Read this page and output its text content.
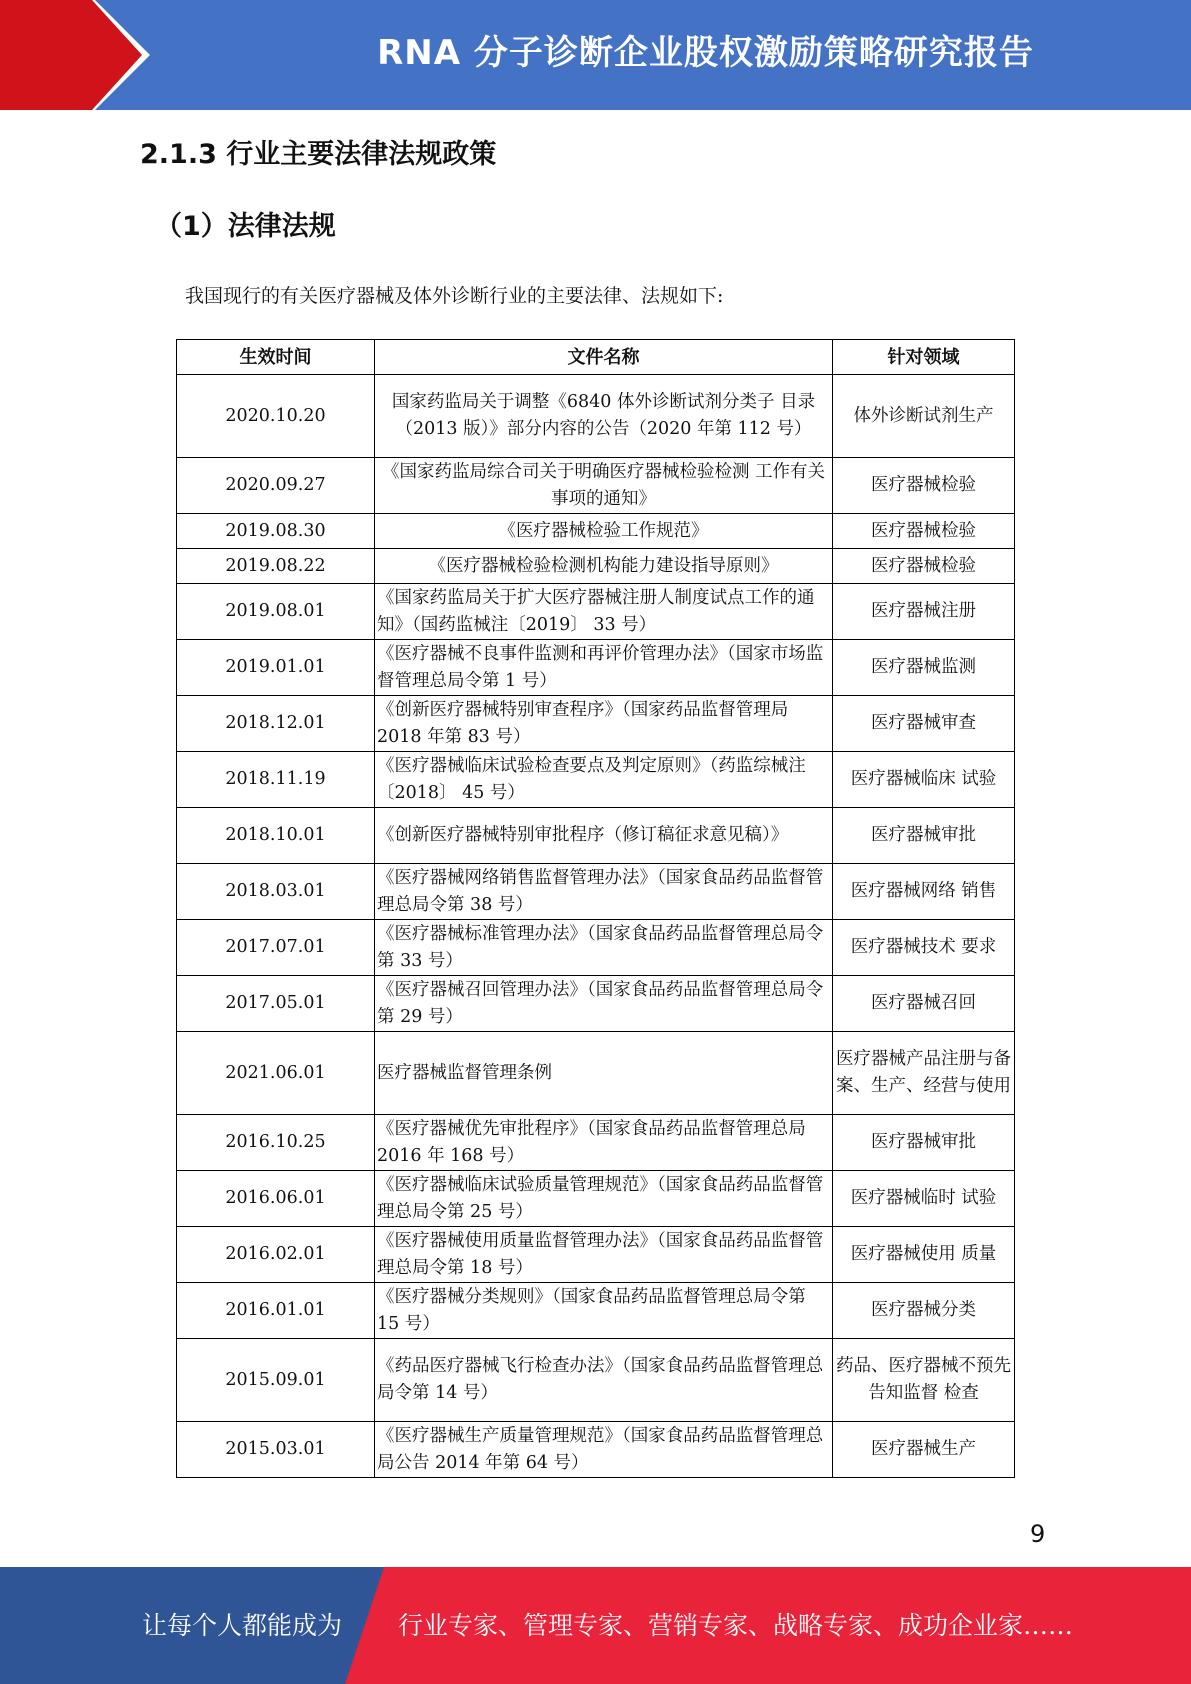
RNA 分子诊断企业股权激励策略研究报告
2.1.3 行业主要法律法规政策
（1）法律法规
我国现行的有关医疗器械及体外诊断行业的主要法律、法规如下:
生效时间	文件名称	针对领域
2020.10.20	国家药监局关于调整《6840 体外诊断试剂分类子 目录（2013 版）》部分内容的公告（2020 年第 112 号）	体外诊断试剂生产
2020.09.27	《国家药监局综合司关于明确医疗器械检验检测 工作有关事项的通知》	医疗器械检验
2019.08.30	《医疗器械检验工作规范》	医疗器械检验
2019.08.22	《医疗器械检验检测机构能力建设指导原则》	医疗器械检验
2019.08.01	《国家药监局关于扩大医疗器械注册人制度试点工作的通知》（国药监械注〔2019〕 33 号）	医疗器械注册
2019.01.01	《医疗器械不良事件监测和再评价管理办法》（国家市场监督管理总局令第 1 号）	医疗器械监测
2018.12.01	《创新医疗器械特别审查程序》（国家药品监督管理局 2018 年第 83 号）	医疗器械审查
2018.11.19	《医疗器械临床试验检查要点及判定原则》（药监综械注〔2018〕 45 号）	医疗器械临床 试验
2018.10.01	《创新医疗器械特别审批程序（修订稿征求意见稿）》	医疗器械审批
2018.03.01	《医疗器械网络销售监督管理办法》（国家食品药品监督管理总局令第 38 号）	医疗器械网络 销售
2017.07.01	《医疗器械标准管理办法》（国家食品药品监督管理总局令第 33 号）	医疗器械技术 要求
2017.05.01	《医疗器械召回管理办法》（国家食品药品监督管理总局令第 29 号）	医疗器械召回
2021.06.01	医疗器械监督管理条例	医疗器械产品注册与备案、生产、经营与使用
2016.10.25	《医疗器械优先审批程序》（国家食品药品监督管理总局 2016 年 168 号）	医疗器械审批
2016.06.01	《医疗器械临床试验质量管理规范》（国家食品药品监督管理总局令第 25 号）	医疗器械临时 试验
2016.02.01	《医疗器械使用质量监督管理办法》（国家食品药品监督管理总局令第 18 号）	医疗器械使用 质量
2016.01.01	《医疗器械分类规则》（国家食品药品监督管理总局令第 15 号）	医疗器械分类
2015.09.01	《药品医疗器械飞行检查办法》（国家食品药品监督管理总局令第 14 号）	药品、医疗器械不预先告知监督 检查
2015.03.01	《医疗器械生产质量管理规范》（国家食品药品监督管理总局公告 2014 年第 64 号）	医疗器械生产
9
让每个人都能成为 行业专家、管理专家、营销专家、战略专家、成功企业家……
